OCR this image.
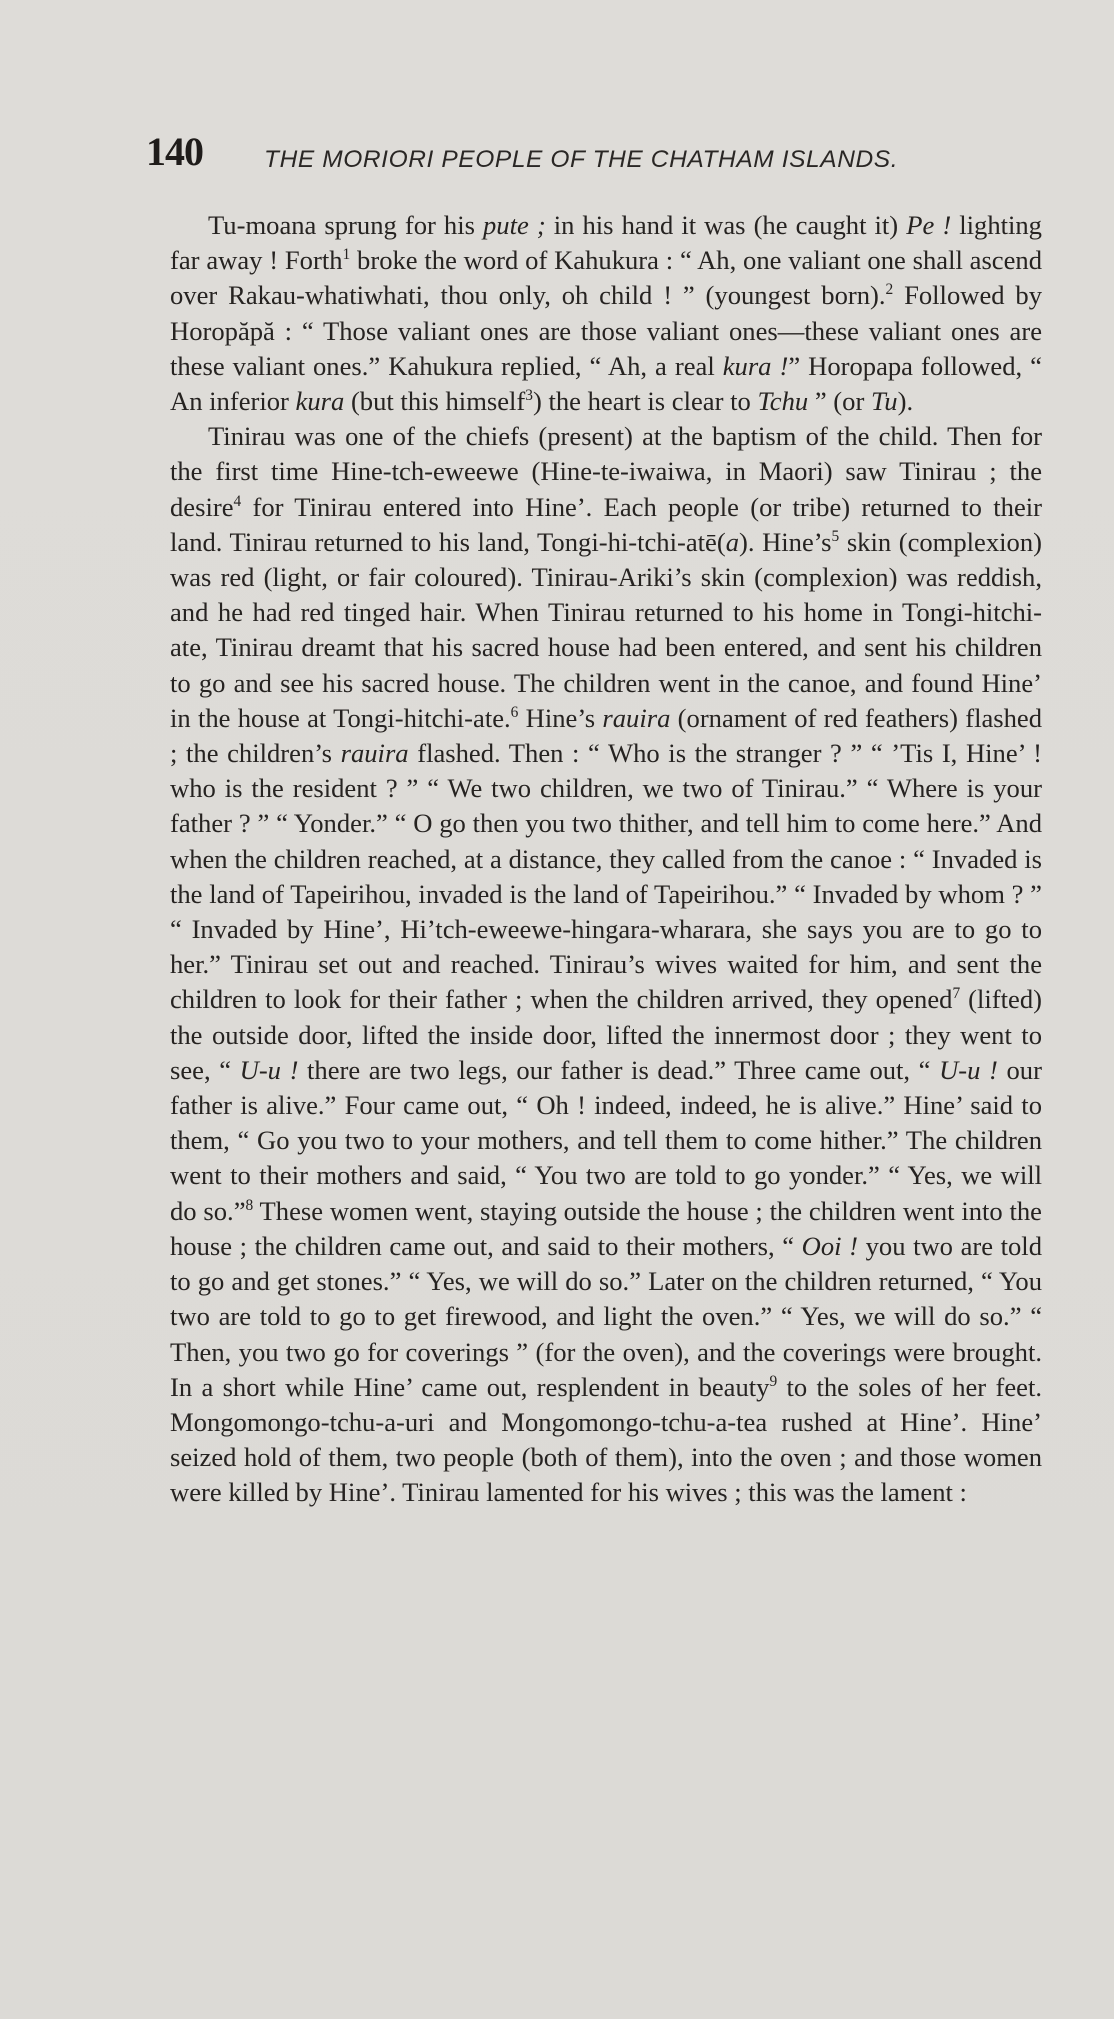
140 THE MORIORI PEOPLE OF THE CHATHAM ISLANDS.

Tu-moana sprung for his pute ; in his hand it was (he caught it) Pe ! lighting far away ! Forth$^1$ broke the word of Kahukura : “ Ah, one valiant one shall ascend over Rakau-whatiwhati, thou only, oh child ! ” (youngest born).$^2$ Followed by Horopăpă : “ Those valiant ones are those valiant ones—these valiant ones are these valiant ones.” Kahukura replied, “ Ah, a real kura !” Horopapa followed, “ An inferior kura (but this himself$^3$) the heart is clear to Tchu ” (or Tu).

Tinirau was one of the chiefs (present) at the baptism of the child. Then for the first time Hine-tch-eweewe (Hine-te-iwaiwa, in Maori) saw Tinirau ; the desire$^4$ for Tinirau entered into Hine’. Each people (or tribe) returned to their land. Tinirau returned to his land, Tongi-hi-tchi-atē(a). $Hine’s^5$ skin (complexion) was red (light, or fair coloured). Tinirau-Ariki’s skin (complexion) was reddish, and he had red tinged hair. When Tinirau returned to his home in Tongi-hitchi-ate, Tinirau dreamt that his sacred house had been entered, and sent his children to go and see his sacred house. The children went in the canoe, and found Hine’ in the house at Tongi-hitchi-ate.$^6$ Hine’s rauira (ornament of red feathers) flashed ; the children’s rauira flashed. Then : “ Who is the stranger ? ” “ ’Tis I, Hine’ ! who is the resident ? ” “ We two children, we two of Tinirau.” “ Where is your father ? ” “ Yonder.” “ O go then you two thither, and tell him to come here.” And when the children reached, at a distance, they called from the canoe : “ Invaded is the land of Tapeirihou, invaded is the land of Tapeirihou.” “ Invaded by whom ? ” “ Invaded by Hine’, Hi’tch-eweewe-hingara-wharara, she says you are to go to her.” Tinirau set out and reached. Tinirau’s wives waited for him, and sent the children to look for their father ; when the children arrived, they opened$^7$ (lifted) the outside door, lifted the inside door, lifted the innermost door ; they went to see, “ U-u ! there are two legs, our father is dead.” Three came out, “ U-u ! our father is alive.” Four came out, “ Oh ! indeed, indeed, he is alive.” Hine’ said to them, “ Go you two to your mothers, and tell them to come hither.” The children went to their mothers and said, “ You two are told to go yonder.” “ Yes, we will do so.”$^8$ These women went, staying outside the house ; the children went into the house ; the children came out, and said to their mothers, “ Ooi ! you two are told to go and get stones.” “ Yes, we will do so.” Later on the children returned, “ You two are told to go to get firewood, and light the oven.” “ Yes, we will do so.” “ Then, you two go for coverings ” (for the oven), and the coverings were brought. In a short while Hine’ came out, resplendent in beauty$^9$ to the soles of her feet. Mongomongo-tchu-a-uri and Mongomongo-tchu-a-tea rushed at Hine’. Hine’ seized hold of them, two people (both of them), into the oven ; and those women were killed by Hine’. Tinirau lamented for his wives ; this was the lament :
